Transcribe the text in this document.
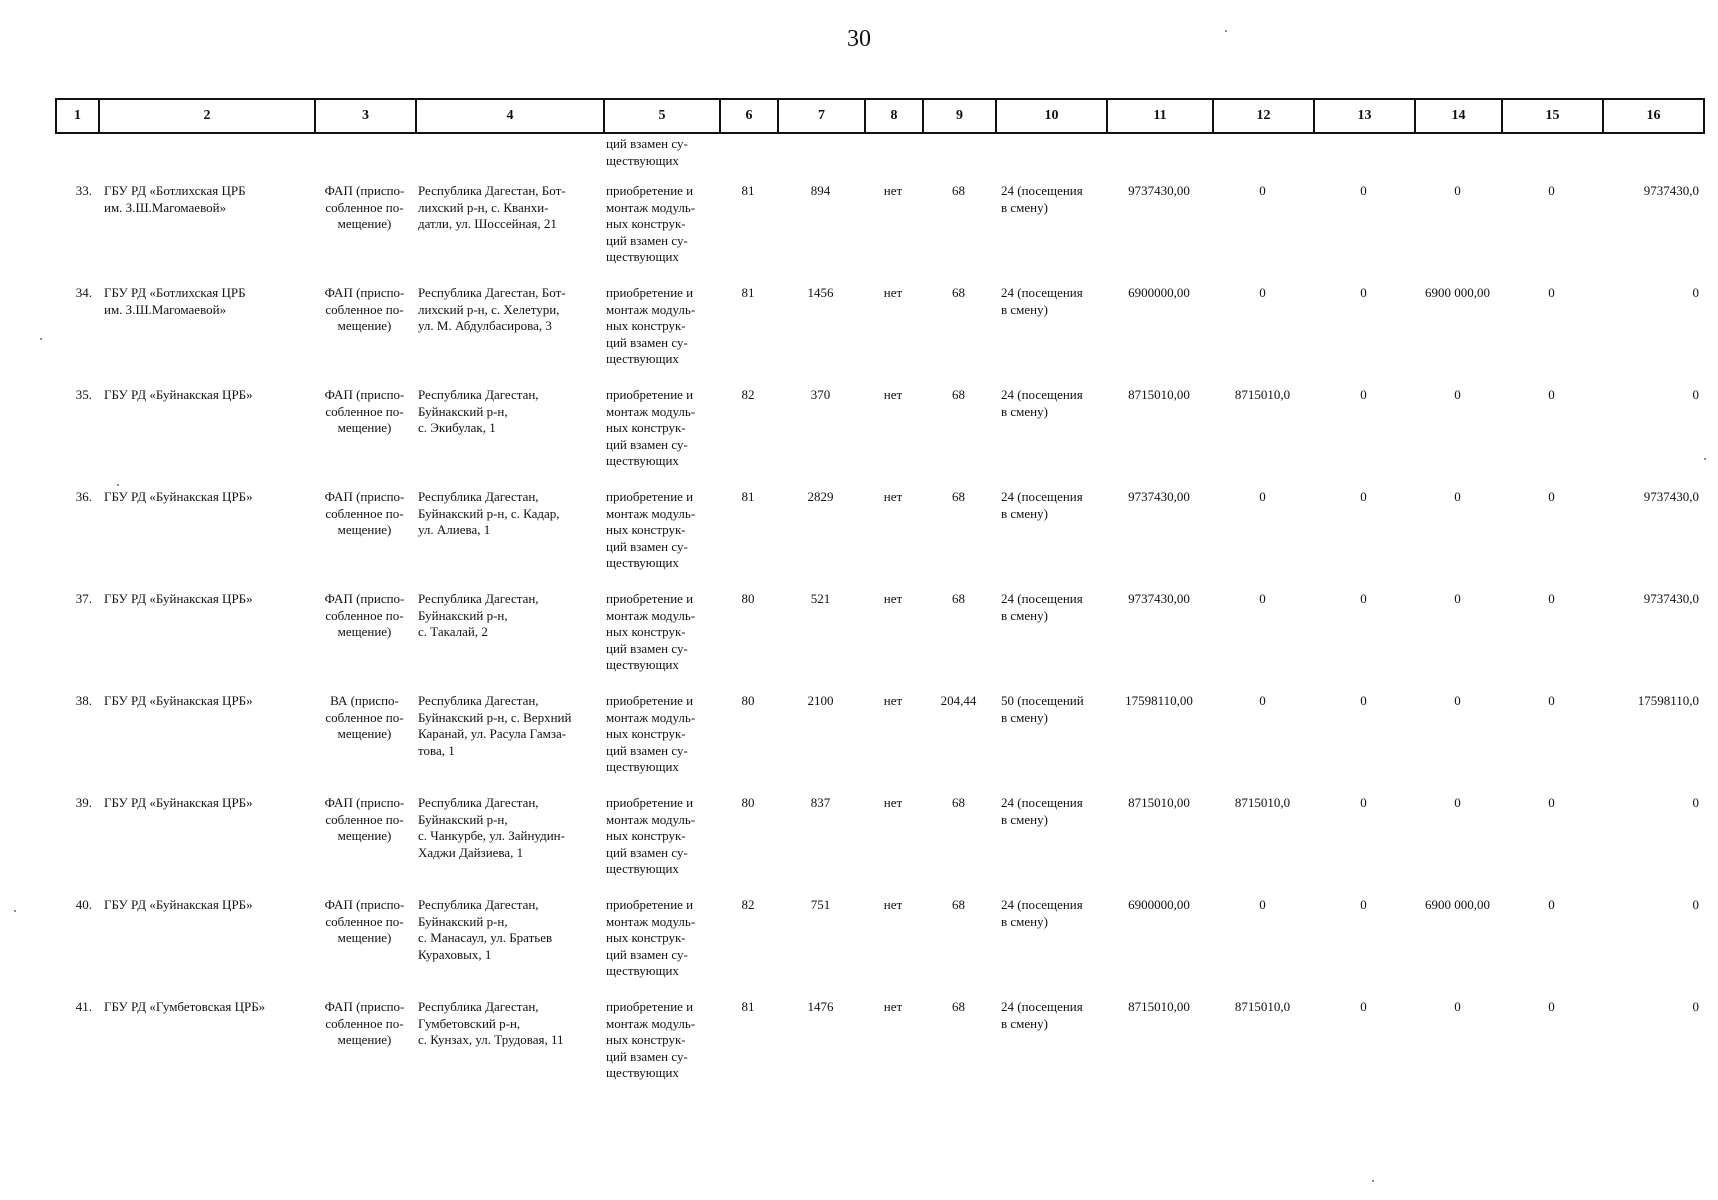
30
1	2	3	4	5	6	7	8	9	10	11	12	13	14	15	16
				ций взамен су-
ществующих											
33.	ГБУ РД «Ботлихская ЦРБ
им. З.Ш.Магомаевой»	ФАП (приспо-
собленное по-
мещение)	Республика Дагестан, Бот-
лихский р-н, с. Кванхи-
датли, ул. Шоссейная, 21	приобретение и
монтаж модуль-
ных конструк-
ций взамен су-
ществующих	81	894	нет	68	24 (посещения
в смену)	9737430,00	0	0	0	0	9737430,0
34.	ГБУ РД «Ботлихская ЦРБ
им. З.Ш.Магомаевой»	ФАП (приспо-
собленное по-
мещение)	Республика Дагестан, Бот-
лихский р-н, с. Хелетури,
ул. М. Абдулбасирова, 3	приобретение и
монтаж модуль-
ных конструк-
ций взамен су-
ществующих	81	1456	нет	68	24 (посещения
в смену)	6900000,00	0	0	6900 000,00	0	0
35.	ГБУ РД «Буйнакская ЦРБ»	ФАП (приспо-
собленное по-
мещение)	Республика Дагестан,
Буйнакский р-н,
с. Экибулак, 1	приобретение и
монтаж модуль-
ных конструк-
ций взамен су-
ществующих	82	370	нет	68	24 (посещения
в смену)	8715010,00	8715010,0	0	0	0	0
36.	ГБУ РД «Буйнакская ЦРБ»	ФАП (приспо-
собленное по-
мещение)	Республика Дагестан,
Буйнакский р-н, с. Кадар,
ул. Алиева, 1	приобретение и
монтаж модуль-
ных конструк-
ций взамен су-
ществующих	81	2829	нет	68	24 (посещения
в смену)	9737430,00	0	0	0	0	9737430,0
37.	ГБУ РД «Буйнакская ЦРБ»	ФАП (приспо-
собленное по-
мещение)	Республика Дагестан,
Буйнакский р-н,
с. Такалай, 2	приобретение и
монтаж модуль-
ных конструк-
ций взамен су-
ществующих	80	521	нет	68	24 (посещения
в смену)	9737430,00	0	0	0	0	9737430,0
38.	ГБУ РД «Буйнакская ЦРБ»	ВА (приспо-
собленное по-
мещение)	Республика Дагестан,
Буйнакский р-н, с. Верхний
Каранай, ул. Расула Гамза-
това, 1	приобретение и
монтаж модуль-
ных конструк-
ций взамен су-
ществующих	80	2100	нет	204,44	50 (посещений
в смену)	17598110,00	0	0	0	0	17598110,0
39.	ГБУ РД «Буйнакская ЦРБ»	ФАП (приспо-
собленное по-
мещение)	Республика Дагестан,
Буйнакский р-н,
с. Чанкурбе, ул. Зайнудин-
Хаджи Дайзиева, 1	приобретение и
монтаж модуль-
ных конструк-
ций взамен су-
ществующих	80	837	нет	68	24 (посещения
в смену)	8715010,00	8715010,0	0	0	0	0
40.	ГБУ РД «Буйнакская ЦРБ»	ФАП (приспо-
собленное по-
мещение)	Республика Дагестан,
Буйнакский р-н,
с. Манасаул, ул. Братьев
Кураховых, 1	приобретение и
монтаж модуль-
ных конструк-
ций взамен су-
ществующих	82	751	нет	68	24 (посещения
в смену)	6900000,00	0	0	6900 000,00	0	0
41.	ГБУ РД «Гумбетовская ЦРБ»	ФАП (приспо-
собленное по-
мещение)	Республика Дагестан,
Гумбетовский р-н,
с. Кунзах, ул. Трудовая, 11	приобретение и
монтаж модуль-
ных конструк-
ций взамен су-
ществующих	81	1476	нет	68	24 (посещения
в смену)	8715010,00	8715010,0	0	0	0	0
